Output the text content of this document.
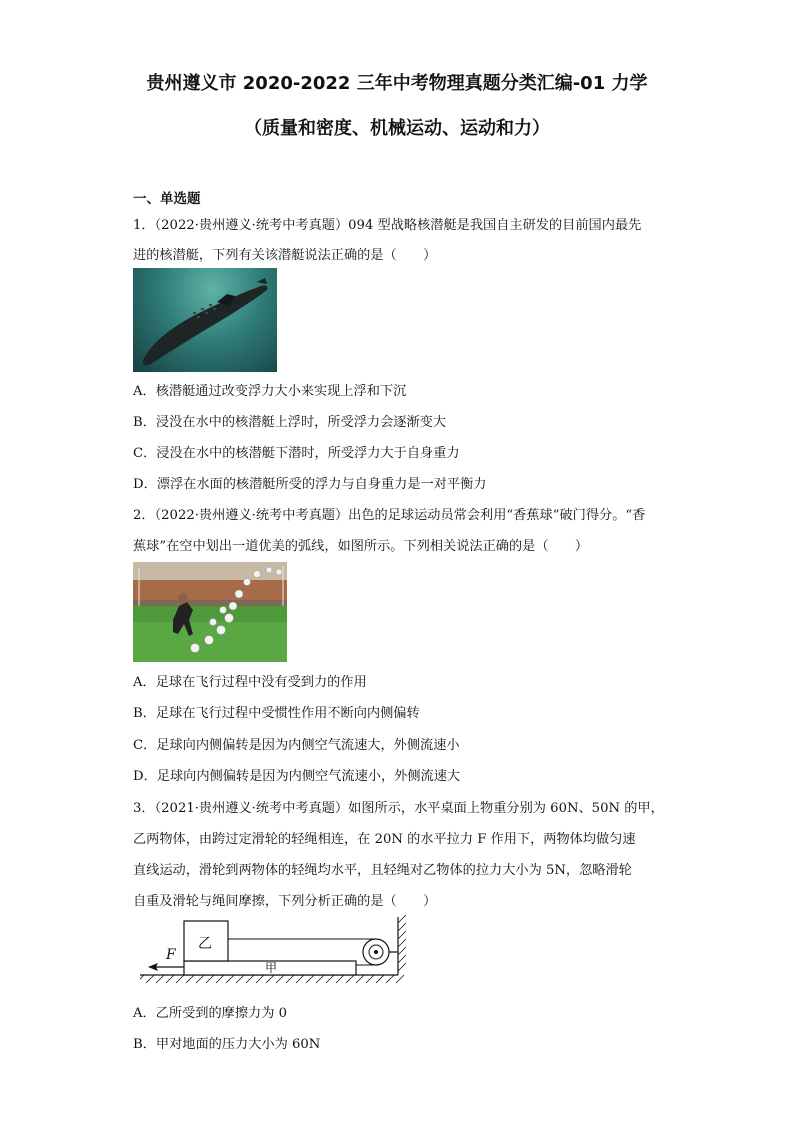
贵州遵义市 2020-2022 三年中考物理真题分类汇编-01 力学
（质量和密度、机械运动、运动和力）
一、单选题
1．（2022·贵州遵义·统考中考真题）094 型战略核潜艇是我国自主研发的目前国内最先
进的核潜艇，下列有关该潜艇说法正确的是（　　）
A．核潜艇通过改变浮力大小来实现上浮和下沉
B．浸没在水中的核潜艇上浮时，所受浮力会逐渐变大
C．浸没在水中的核潜艇下潜时，所受浮力大于自身重力
D．漂浮在水面的核潜艇所受的浮力与自身重力是一对平衡力
2．（2022·贵州遵义·统考中考真题）出色的足球运动员常会利用“香蕉球”破门得分。“香
蕉球”在空中划出一道优美的弧线，如图所示。下列相关说法正确的是（　　）
A．足球在飞行过程中没有受到力的作用
B．足球在飞行过程中受惯性作用不断向内侧偏转
C．足球向内侧偏转是因为内侧空气流速大，外侧流速小
D．足球向内侧偏转是因为内侧空气流速小，外侧流速大
3．（2021·贵州遵义·统考中考真题）如图所示，水平桌面上物重分别为 60N、50N 的甲，
乙两物体，由跨过定滑轮的轻绳相连，在 20N 的水平拉力 F 作用下，两物体均做匀速
直线运动，滑轮到两物体的轻绳均水平，且轻绳对乙物体的拉力大小为 5N，忽略滑轮
自重及滑轮与绳间摩擦，下列分析正确的是（　　）
乙
甲
F
A．乙所受到的摩擦力为 0
B．甲对地面的压力大小为 60N
